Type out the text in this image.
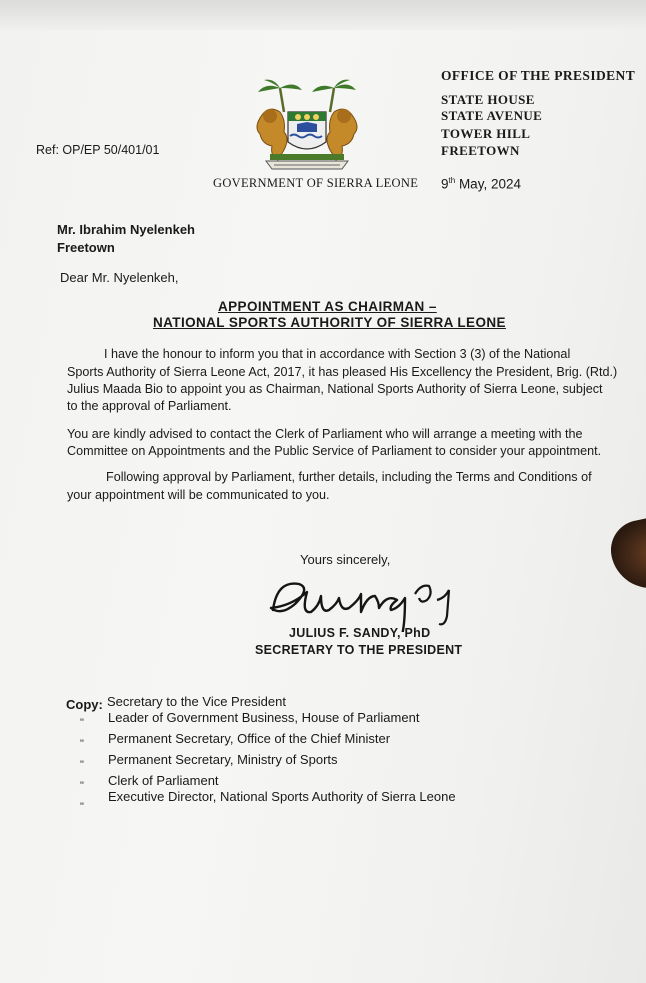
Ref: OP/EP 50/401/01
GOVERNMENT OF SIERRA LEONE
OFFICE OF THE PRESIDENT
STATE HOUSE
STATE AVENUE
TOWER HILL
FREETOWN
9th May, 2024
Mr. Ibrahim Nyelenkeh
Freetown
Dear Mr. Nyelenkeh,
APPOINTMENT AS CHAIRMAN –
NATIONAL SPORTS AUTHORITY OF SIERRA LEONE
I have the honour to inform you that in accordance with Section 3 (3) of the National
Sports Authority of Sierra Leone Act, 2017, it has pleased His Excellency the President, Brig. (Rtd.)
Julius Maada Bio to appoint you as Chairman, National Sports Authority of Sierra Leone, subject
to the approval of Parliament.
You are kindly advised to contact the Clerk of Parliament who will arrange a meeting with the
Committee on Appointments and the Public Service of Parliament to consider your appointment.
Following approval by Parliament, further details, including the Terms and Conditions of
your appointment will be communicated to you.
Yours sincerely,
JULIUS F. SANDY, PhD
SECRETARY TO THE PRESIDENT
Copy: Secretary to the Vice President
" Leader of Government Business, House of Parliament
" Permanent Secretary, Office of the Chief Minister
" Permanent Secretary, Ministry of Sports
" Clerk of Parliament
"
Executive Director, National Sports Authority of Sierra Leone
